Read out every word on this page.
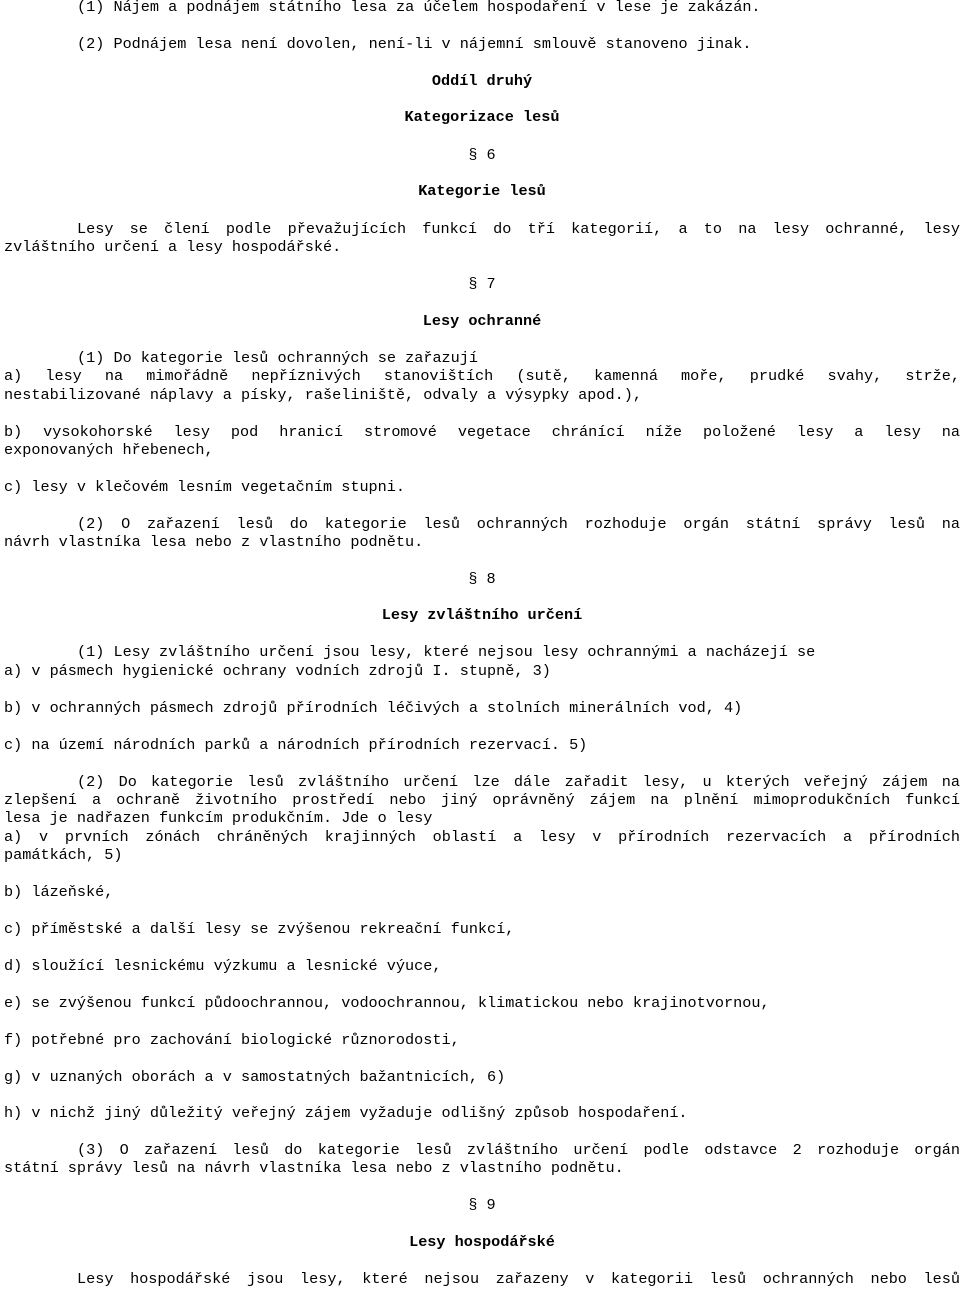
(1) Nájem a podnájem státního lesa za účelem hospodaření v lese je zakázán.
(2) Podnájem lesa není dovolen, není-li v nájemní smlouvě stanoveno jinak.
Oddíl druhý
Kategorizace lesů
§ 6
Kategorie lesů
Lesy se člení podle převažujících funkcí do tří kategorií, a to na lesy ochranné, lesy
zvláštního určení a lesy hospodářské.
§ 7
Lesy ochranné
(1) Do kategorie lesů ochranných se zařazují
a) lesy na mimořádně nepříznivých stanovištích (sutě, kamenná moře, prudké svahy, strže,
nestabilizované náplavy a písky, rašeliniště, odvaly a výsypky apod.),
b) vysokohorské lesy pod hranicí stromové vegetace chránící níže položené lesy a lesy na
exponovaných hřebenech,
c) lesy v klečovém lesním vegetačním stupni.
(2) O zařazení lesů do kategorie lesů ochranných rozhoduje orgán státní správy lesů na
návrh vlastníka lesa nebo z vlastního podnětu.
§ 8
Lesy zvláštního určení
(1) Lesy zvláštního určení jsou lesy, které nejsou lesy ochrannými a nacházejí se
a) v pásmech hygienické ochrany vodních zdrojů I. stupně, 3)
b) v ochranných pásmech zdrojů přírodních léčivých a stolních minerálních vod, 4)
c) na území národních parků a národních přírodních rezervací. 5)
(2) Do kategorie lesů zvláštního určení lze dále zařadit lesy, u kterých veřejný zájem na
zlepšení a ochraně životního prostředí nebo jiný oprávněný zájem na plnění mimoprodukčních funkcí
lesa je nadřazen funkcím produkčním. Jde o lesy
a) v prvních zónách chráněných krajinných oblastí a lesy v přírodních rezervacích a přírodních
památkách, 5)
b) lázeňské,
c) příměstské a další lesy se zvýšenou rekreační funkcí,
d) sloužící lesnickému výzkumu a lesnické výuce,
e) se zvýšenou funkcí půdoochrannou, vodoochrannou, klimatickou nebo krajinotvornou,
f) potřebné pro zachování biologické různorodosti,
g) v uznaných oborách a v samostatných bažantnicích, 6)
h) v nichž jiný důležitý veřejný zájem vyžaduje odlišný způsob hospodaření.
(3) O zařazení lesů do kategorie lesů zvláštního určení podle odstavce 2 rozhoduje orgán
státní správy lesů na návrh vlastníka lesa nebo z vlastního podnětu.
§ 9
Lesy hospodářské
Lesy hospodářské jsou lesy, které nejsou zařazeny v kategorii lesů ochranných nebo lesů
